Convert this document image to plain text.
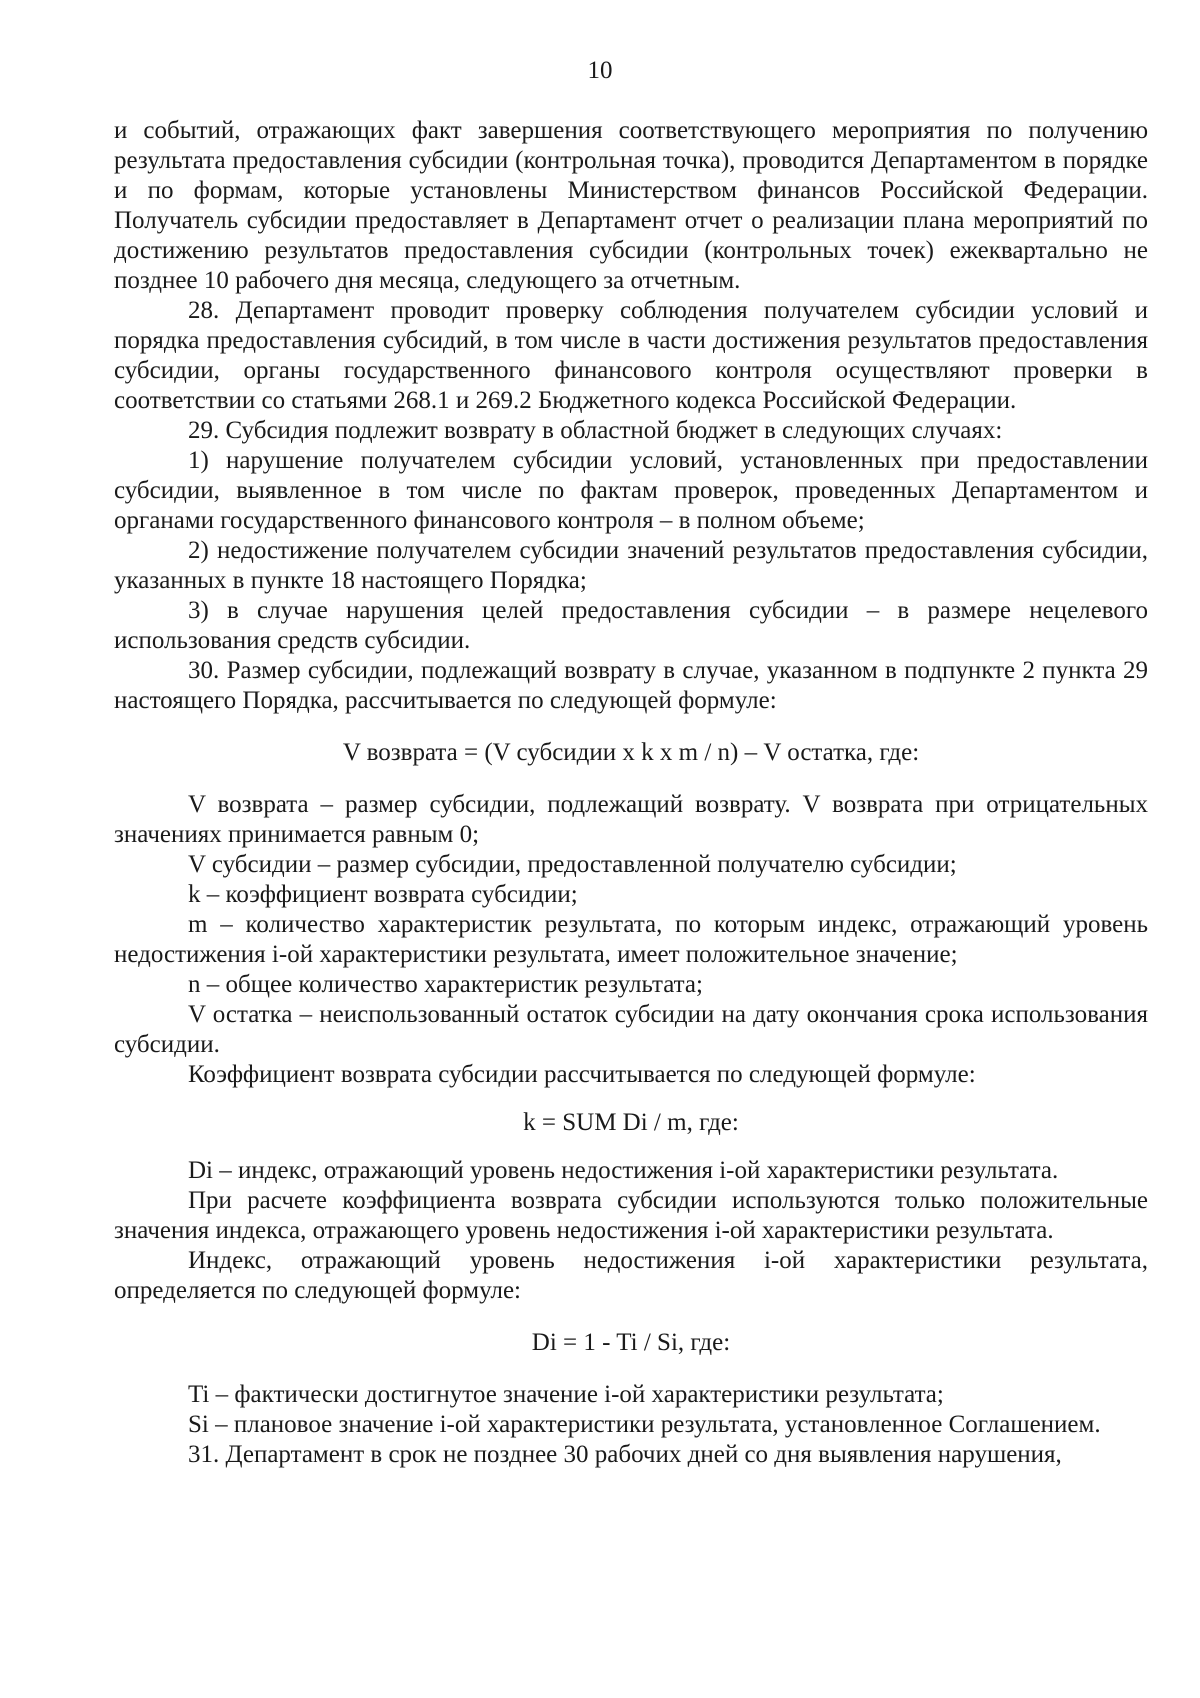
10

и событий, отражающих факт завершения соответствующего мероприятия по получению результата предоставления субсидии (контрольная точка), проводится Департаментом в порядке и по формам, которые установлены Министерством финансов Российской Федерации. Получатель субсидии предоставляет в Департамент отчет о реализации плана мероприятий по достижению результатов предоставления субсидии (контрольных точек) ежеквартально не позднее 10 рабочего дня месяца, следующего за отчетным.

28. Департамент проводит проверку соблюдения получателем субсидии условий и порядка предоставления субсидий, в том числе в части достижения результатов предоставления субсидии, органы государственного финансового контроля осуществляют проверки в соответствии со статьями 268.1 и 269.2 Бюджетного кодекса Российской Федерации.

29. Субсидия подлежит возврату в областной бюджет в следующих случаях:

1) нарушение получателем субсидии условий, установленных при предоставлении субсидии, выявленное в том числе по фактам проверок, проведенных Департаментом и органами государственного финансового контроля – в полном объеме;

2) недостижение получателем субсидии значений результатов предоставления субсидии, указанных в пункте 18 настоящего Порядка;

3) в случае нарушения целей предоставления субсидии – в размере нецелевого использования средств субсидии.

30. Размер субсидии, подлежащий возврату в случае, указанном в подпункте 2 пункта 29 настоящего Порядка, рассчитывается по следующей формуле:

V возврата = (V субсидии x k x m / n) – V остатка, где:

V возврата – размер субсидии, подлежащий возврату. V возврата при отрицательных значениях принимается равным 0;

V субсидии – размер субсидии, предоставленной получателю субсидии;

k – коэффициент возврата субсидии;

m – количество характеристик результата, по которым индекс, отражающий уровень недостижения i-ой характеристики результата, имеет положительное значение;

n – общее количество характеристик результата;

V остатка – неиспользованный остаток субсидии на дату окончания срока использования субсидии.

Коэффициент возврата субсидии рассчитывается по следующей формуле:

k = SUM Di / m, где:

Di – индекс, отражающий уровень недостижения i-ой характеристики результата.

При расчете коэффициента возврата субсидии используются только положительные значения индекса, отражающего уровень недостижения i-ой характеристики результата.

Индекс, отражающий уровень недостижения i-ой характеристики результата, определяется по следующей формуле:

Di = 1 - Ti / Si, где:

Ti – фактически достигнутое значение i-ой характеристики результата;

Si – плановое значение i-ой характеристики результата, установленное Соглашением.

31. Департамент в срок не позднее 30 рабочих дней со дня выявления нарушения,
